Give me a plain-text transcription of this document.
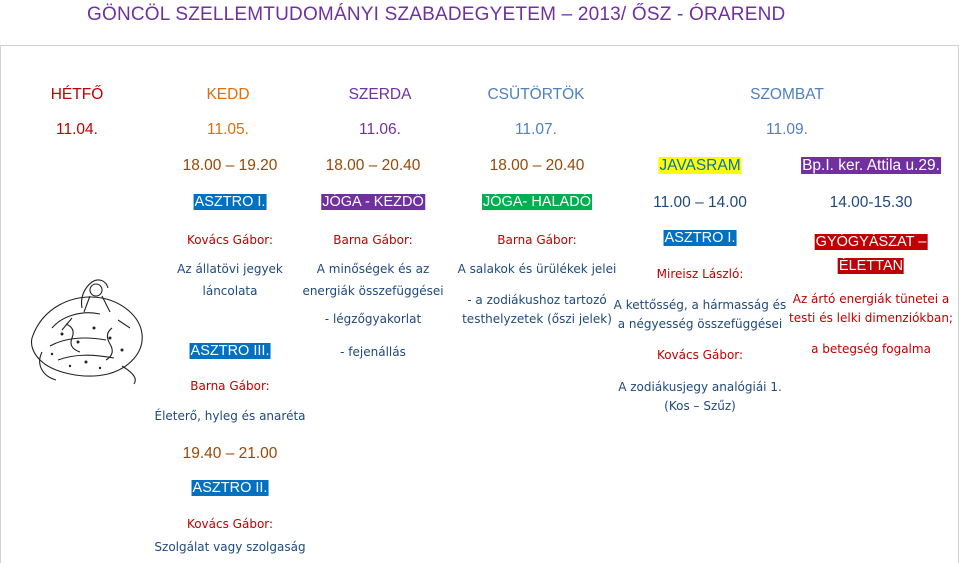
GÖNCÖL SZELLEMTUDOMÁNYI SZABADEGYETEM – 2013/ ŐSZ - ÓRAREND
HÉTFŐ
11.04.
KEDD
11.05.
SZERDA
11.06.
CSÜTÖRTÖK
11.07.
SZOMBAT
11.09.
18.00 – 19.20
ASZTRO I.
Kovács Gábor:
Az állatövi jegyek
láncolata
ASZTRO III.
Barna Gábor:
Életerő, hyleg és anaréta
19.40 – 21.00
ASZTRO II.
Kovács Gábor:
Szolgálat vagy szolgaság
18.00 – 20.40
JÓGA - KEZDŐ
Barna Gábor:
A minőségek és az
energiák összefüggései
- légzőgyakorlat
- fejenállás
18.00 – 20.40
JÓGA- HALADÓ
Barna Gábor:
A salakok és ürülékek jelei
- a zodiákushoz tartozó
testhelyzetek (őszi jelek)
JAVASRAM
11.00 – 14.00
ASZTRO I.
Mireisz László:
A kettősség, a hármasság és
a négyesség összefüggései
Kovács Gábor:
A zodiákusjegy analógiái 1.
(Kos – Szűz)
Bp.I. ker. Attila u.29.
14.00-15.30
GYÓGYÁSZAT –
ÉLETTAN
Az ártó energiák tünetei a
testi és lelki dimenziókban;
a betegség fogalma
